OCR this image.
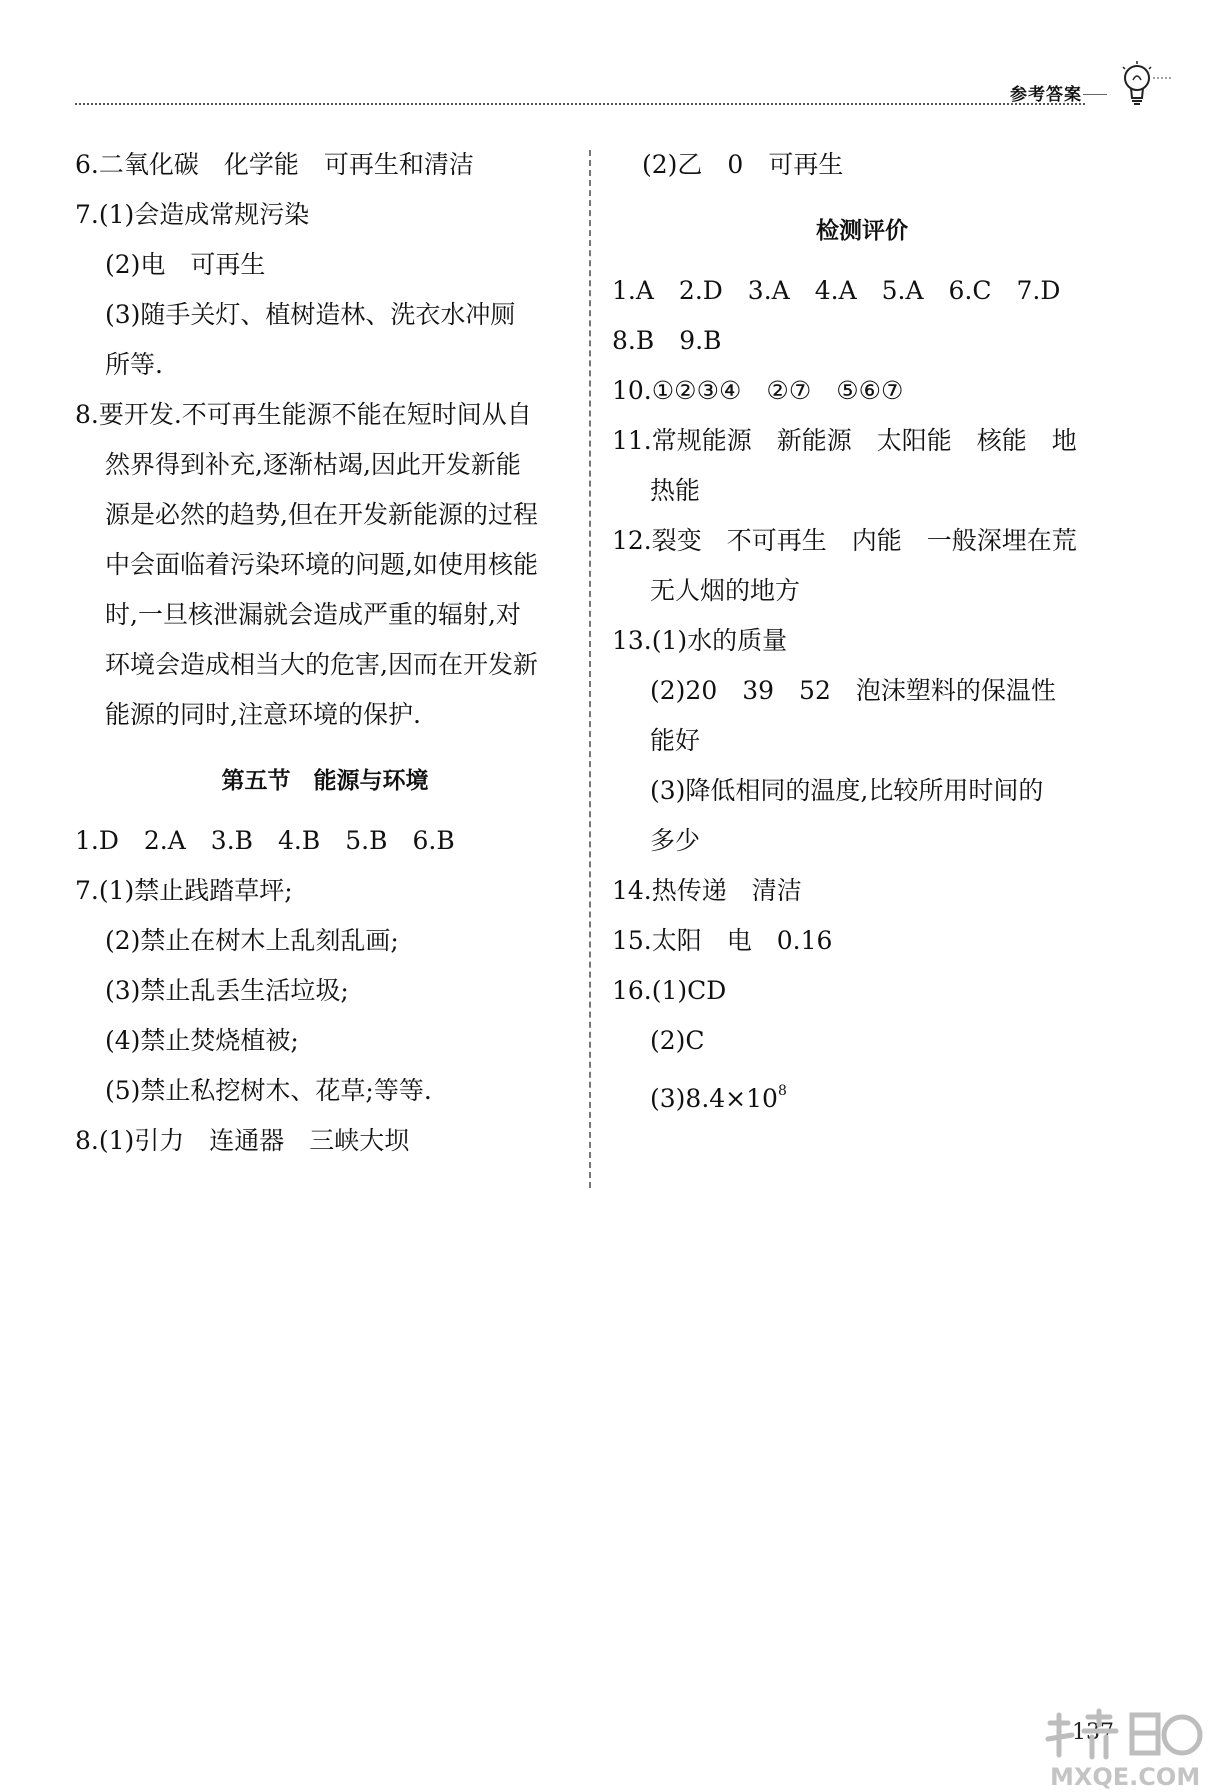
参考答案
6.二氧化碳　化学能　可再生和清洁
7.(1)会造成常规污染
(2)电　可再生
(3)随手关灯、植树造林、洗衣水冲厕
所等.
8.要开发.不可再生能源不能在短时间从自
然界得到补充,逐渐枯竭,因此开发新能
源是必然的趋势,但在开发新能源的过程
中会面临着污染环境的问题,如使用核能
时,一旦核泄漏就会造成严重的辐射,对
环境会造成相当大的危害,因而在开发新
能源的同时,注意环境的保护.
第五节　能源与环境
1.D　2.A　3.B　4.B　5.B　6.B
7.(1)禁止践踏草坪;
(2)禁止在树木上乱刻乱画;
(3)禁止乱丢生活垃圾;
(4)禁止焚烧植被;
(5)禁止私挖树木、花草;等等.
8.(1)引力　连通器　三峡大坝
(2)乙　0　可再生
检测评价
1.A　2.D　3.A　4.A　5.A　6.C　7.D
8.B　9.B
10.①②③④　②⑦　⑤⑥⑦
11.常规能源　新能源　太阳能　核能　地
热能
12.裂变　不可再生　内能　一般深埋在荒
无人烟的地方
13.(1)水的质量
(2)20　39　52　泡沫塑料的保温性
能好
(3)降低相同的温度,比较所用时间的
多少
14.热传递　清洁
15.太阳　电　0.16
16.(1)CD
(2)C
$(3)8.4\times 10^8$
137
MXQE.COM
